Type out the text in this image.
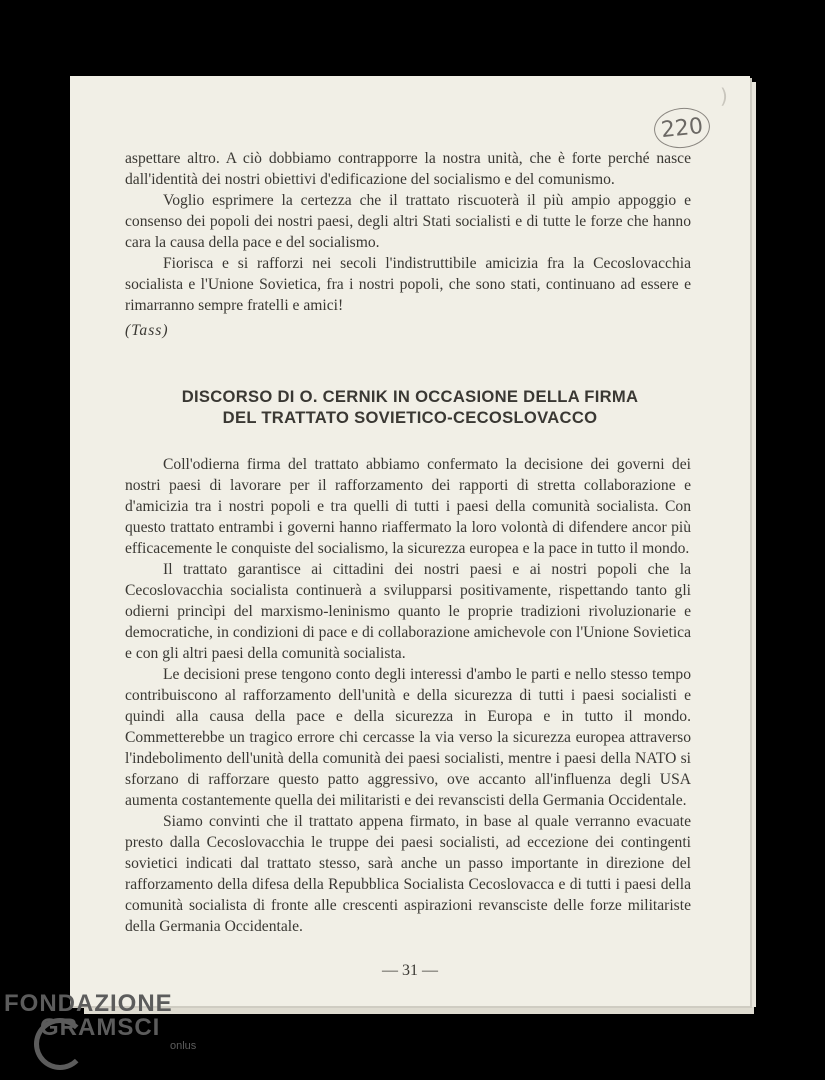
)
220

aspettare altro. A ciò dobbiamo contrapporre la nostra unità, che è forte perché nasce dall'identità dei nostri obiettivi d'edificazione del socialismo e del comunismo.

Voglio esprimere la certezza che il trattato riscuoterà il più ampio appoggio e consenso dei popoli dei nostri paesi, degli altri Stati socialisti e di tutte le forze che hanno cara la causa della pace e del socialismo.

Fiorisca e si rafforzi nei secoli l'indistruttibile amicizia fra la Cecoslovacchia socialista e l'Unione Sovietica, fra i nostri popoli, che sono stati, continuano ad essere e rimarranno sempre fratelli e amici!

(Tass)
DISCORSO DI O. CERNIK IN OCCASIONE DELLA FIRMA
DEL TRATTATO SOVIETICO-CECOSLOVACCO

Coll'odierna firma del trattato abbiamo confermato la decisione dei governi dei nostri paesi di lavorare per il rafforzamento dei rapporti di stretta collaborazione e d'amicizia tra i nostri popoli e tra quelli di tutti i paesi della comunità socialista. Con questo trattato entrambi i governi hanno riaffermato la loro volontà di difendere ancor più efficacemente le conquiste del socialismo, la sicurezza europea e la pace in tutto il mondo.

Il trattato garantisce ai cittadini dei nostri paesi e ai nostri popoli che la Cecoslovacchia socialista continuerà a svilupparsi positivamente, rispettando tanto gli odierni princìpi del marxismo-leninismo quanto le proprie tradizioni rivoluzionarie e democratiche, in condizioni di pace e di collaborazione amichevole con l'Unione Sovietica e con gli altri paesi della comunità socialista.

Le decisioni prese tengono conto degli interessi d'ambo le parti e nello stesso tempo contribuiscono al rafforzamento dell'unità e della sicurezza di tutti i paesi socialisti e quindi alla causa della pace e della sicurezza in Europa e in tutto il mondo. Commetterebbe un tragico errore chi cercasse la via verso la sicurezza europea attraverso l'indebolimento dell'unità della comunità dei paesi socialisti, mentre i paesi della NATO si sforzano di rafforzare questo patto aggressivo, ove accanto all'influenza degli USA aumenta costantemente quella dei militaristi e dei revanscisti della Germania Occidentale.

Siamo convinti che il trattato appena firmato, in base al quale verranno evacuate presto dalla Cecoslovacchia le truppe dei paesi socialisti, ad eccezione dei contingenti sovietici indicati dal trattato stesso, sarà anche un passo importante in direzione del rafforzamento della difesa della Repubblica Socialista Cecoslovacca e di tutti i paesi della comunità socialista di fronte alle crescenti aspirazioni revansciste delle forze militariste della Germania Occidentale.

— 31 —
FONDAZIONE
GRAMSCI
onlus
